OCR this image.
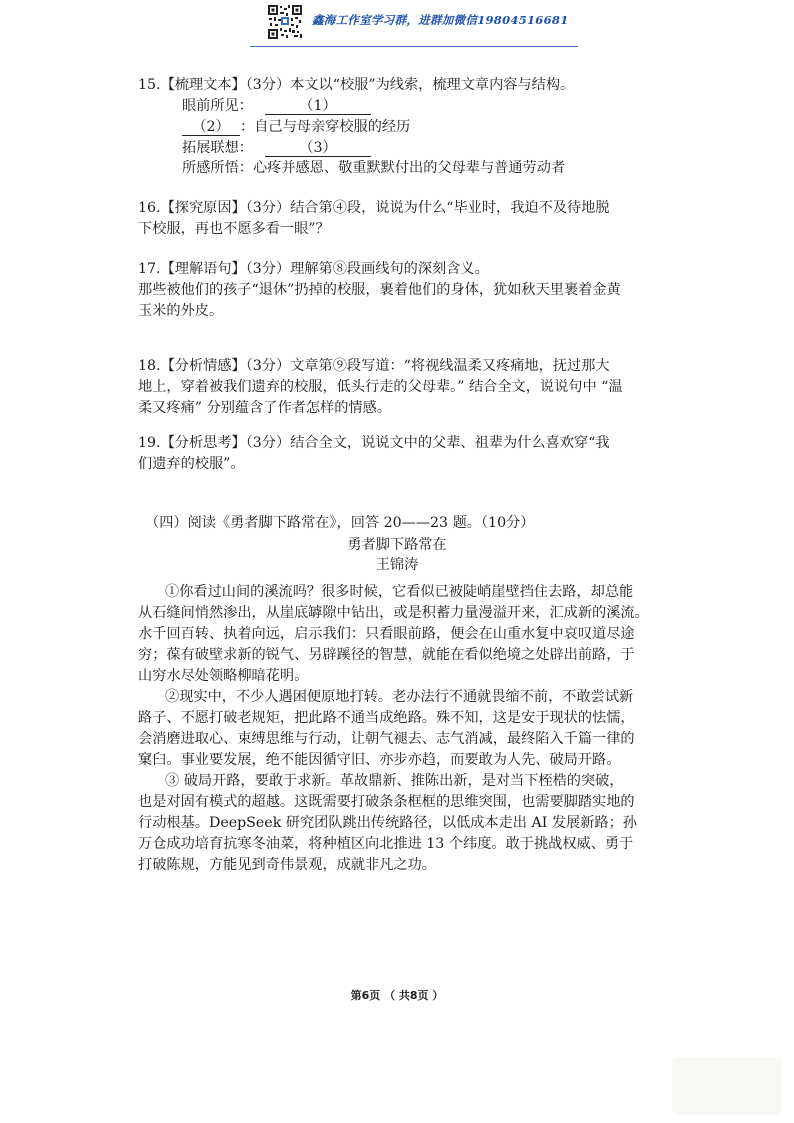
鑫海工作室学习群，进群加微信19804516681
15.【梳理文本】（3分）本文以“校服”为线索，梳理文章内容与结构。
眼前所见：	（1）
（2） ：自己与母亲穿校服的经历
拓展联想：	（3）
所感所悟：心疼并感恩、敬重默默付出的父母辈与普通劳动者
16.【探究原因】（3分）结合第④段，说说为什么“毕业时，我迫不及待地脱
下校服，再也不愿多看一眼”？
17.【理解语句】（3分）理解第⑧段画线句的深刻含义。
那些被他们的孩子“退休”扔掉的校服，裹着他们的身体，犹如秋天里裹着金黄
玉米的外皮。
18.【分析情感】（3分）文章第⑨段写道：“将视线温柔又疼痛地，抚过那大
地上，穿着被我们遗弃的校服，低头行走的父母辈。” 结合全文，说说句中 “温
柔又疼痛” 分别蕴含了作者怎样的情感。
19.【分析思考】（3分）结合全文，说说文中的父辈、祖辈为什么喜欢穿“我
们遗弃的校服”。
（四）阅读《勇者脚下路常在》，回答 20——23 题。（10分）
勇者脚下路常在
王锦涛
①你看过山间的溪流吗？很多时候，它看似已被陡峭崖壁挡住去路，却总能
从石缝间悄然渗出，从崖底罅隙中钻出，或是积蓄力量漫溢开来，汇成新的溪流。
水千回百转、执着向远，启示我们：只看眼前路，便会在山重水复中哀叹道尽途
穷；葆有破壁求新的锐气、另辟蹊径的智慧，就能在看似绝境之处辟出前路，于
山穷水尽处领略柳暗花明。
②现实中，不少人遇困便原地打转。老办法行不通就畏缩不前，不敢尝试新
路子、不愿打破老规矩，把此路不通当成绝路。殊不知，这是安于现状的怯懦，
会消磨进取心、束缚思维与行动，让朝气褪去、志气消减，最终陷入千篇一律的
窠臼。事业要发展，绝不能因循守旧、亦步亦趋，而要敢为人先、破局开路。
③ 破局开路，要敢于求新。革故鼎新、推陈出新，是对当下桎梏的突破，
也是对固有模式的超越。这既需要打破条条框框的思维突围，也需要脚踏实地的
行动根基。DeepSeek 研究团队跳出传统路径，以低成本走出 AI 发展新路；孙
万仓成功培育抗寒冬油菜，将种植区向北推进 13 个纬度。敢于挑战权威、勇于
打破陈规，方能见到奇伟景观，成就非凡之功。
第6页 （ 共8页 ）
